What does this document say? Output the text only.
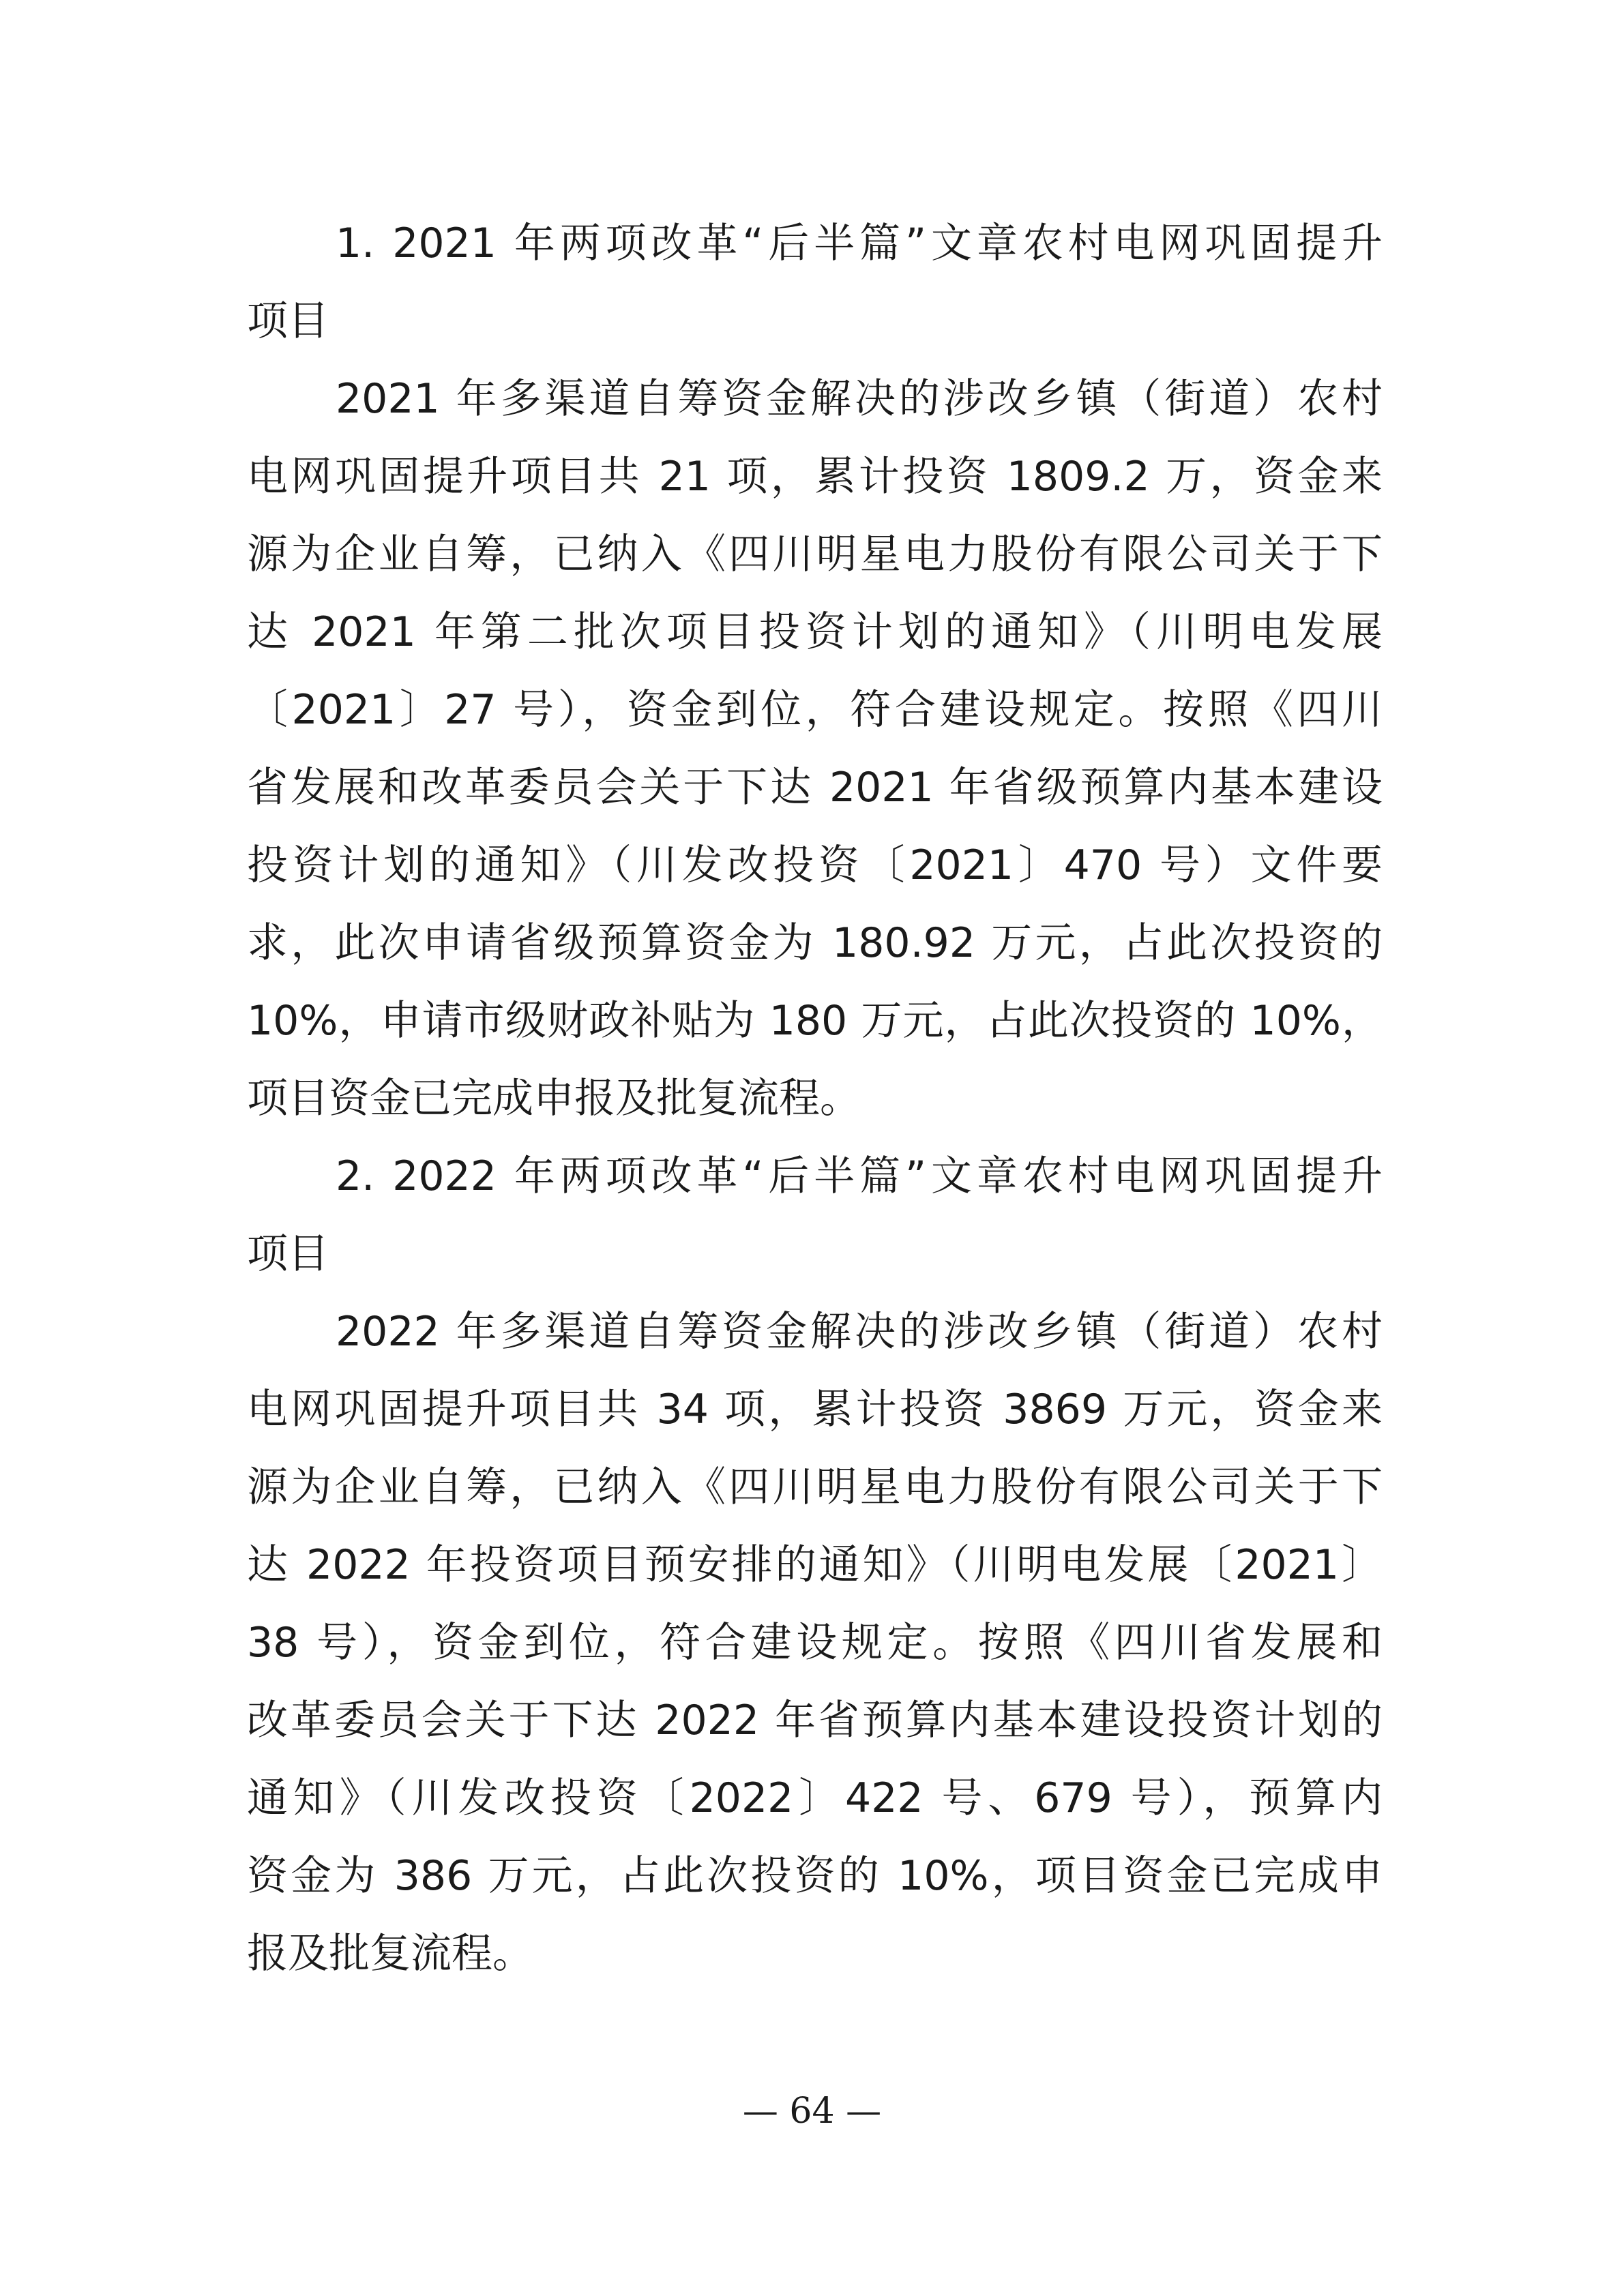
1. 2021 年两项改革“后半篇”文章农村电网巩固提升
项目
2021 年多渠道自筹资金解决的涉改乡镇（街道）农村
电网巩固提升项目共 21 项，累计投资 1809.2 万，资金来
源为企业自筹，已纳入《四川明星电力股份有限公司关于下
达 2021 年第二批次项目投资计划的通知》（川明电发展
〔2021〕27 号），资金到位，符合建设规定。按照《四川
省发展和改革委员会关于下达 2021 年省级预算内基本建设
投资计划的通知》（川发改投资〔2021〕470 号）文件要
求，此次申请省级预算资金为 180.92 万元，占此次投资的
10%，申请市级财政补贴为 180 万元，占此次投资的 10%，
项目资金已完成申报及批复流程。
2. 2022 年两项改革“后半篇”文章农村电网巩固提升
项目
2022 年多渠道自筹资金解决的涉改乡镇（街道）农村
电网巩固提升项目共 34 项，累计投资 3869 万元，资金来
源为企业自筹，已纳入《四川明星电力股份有限公司关于下
达 2022 年投资项目预安排的通知》（川明电发展〔2021〕
38 号），资金到位，符合建设规定。按照《四川省发展和
改革委员会关于下达 2022 年省预算内基本建设投资计划的
通知》（川发改投资〔2022〕422 号、679 号），预算内
资金为 386 万元，占此次投资的 10%，项目资金已完成申
报及批复流程。
— 64 —
